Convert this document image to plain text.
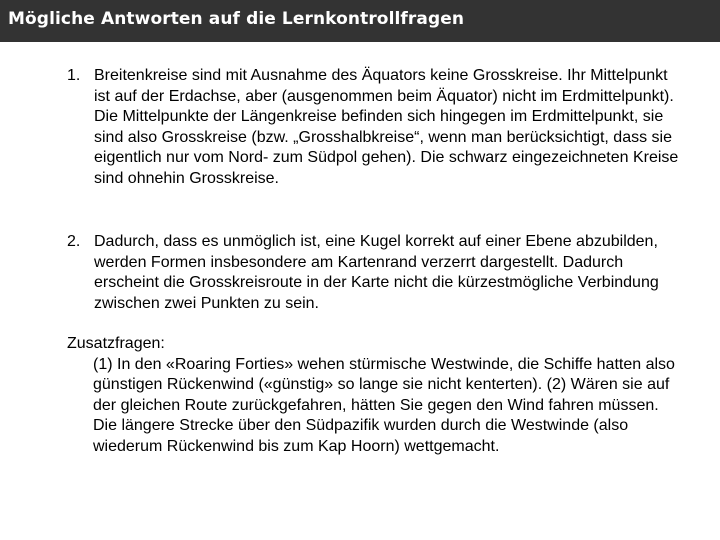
Mögliche Antworten auf die Lernkontrollfragen
1. Breitenkreise sind mit Ausnahme des Äquators keine Grosskreise. Ihr Mittelpunkt ist auf der Erdachse, aber (ausgenommen beim Äquator) nicht im Erdmittelpunkt). Die Mittelpunkte der Längenkreise befinden sich hingegen im Erdmittelpunkt, sie sind also Grosskreise (bzw. „Grosshalbkreise“, wenn man berücksichtigt, dass sie eigentlich nur vom Nord- zum Südpol gehen). Die schwarz eingezeichneten Kreise sind ohnehin Grosskreise.
2. Dadurch, dass es unmöglich ist, eine Kugel korrekt auf einer Ebene abzubilden, werden Formen insbesondere am Kartenrand verzerrt dargestellt. Dadurch erscheint die Grosskreisroute in der Karte nicht die kürzestmögliche Verbindung zwischen zwei Punkten zu sein.
Zusatzfragen:
(1) In den «Roaring Forties» wehen stürmische Westwinde, die Schiffe hatten also günstigen Rückenwind («günstig» so lange sie nicht kenterten). (2) Wären sie auf der gleichen Route zurückgefahren, hätten Sie gegen den Wind fahren müssen. Die längere Strecke über den Südpazifik wurden durch die Westwinde (also wiederum Rückenwind bis zum Kap Hoorn) wettgemacht.
